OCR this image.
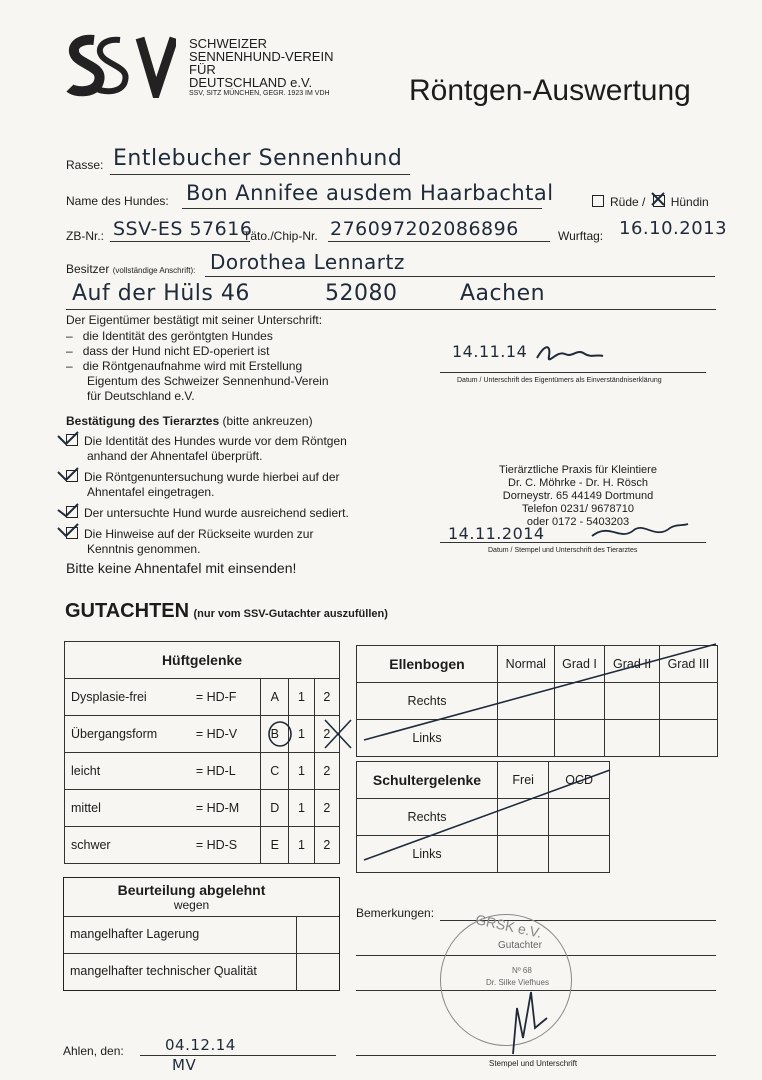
SCHWEIZER
SENNENHUND-VEREIN
FÜR
DEUTSCHLAND e.V.
SSV, SITZ MÜNCHEN, GEGR. 1923 IM VDH	Röntgen-Auswertung
Rasse: Entlebucher Sennenhund
Name des Hundes: Bon Annifee ausdem Haarbachtal	Rüde / Hündin
ZB-Nr.: SSV-ES 57616
Täto./Chip-Nr. 276097202086896	Wurftag: 16.10.2013
Besitzer (vollständige Anschrift): Dorothea Lennartz
Auf der Hüls 46	52080	Aachen
Der Eigentümer bestätigt mit seiner Unterschrift:
–   die Identität des geröntgten Hundes
–   dass der Hund nicht ED-operiert ist
–   die Röntgenaufnahme wird mit Erstellung
Eigentum des Schweizer Sennenhund-Verein
für Deutschland e.V.
14.11.14
Datum / Unterschrift des Eigentümers als Einverständniserklärung
Bestätigung des Tierarztes (bitte ankreuzen)
Die Identität des Hundes wurde vor dem Röntgen
anhand der Ahnentafel überprüft.
Die Röntgenuntersuchung wurde hierbei auf der
Ahnentafel eingetragen.
Der untersuchte Hund wurde ausreichend sediert.
Die Hinweise auf der Rückseite wurden zur
Kenntnis genommen.
Bitte keine Ahnentafel mit einsenden!
Tierärztliche Praxis für Kleintiere
Dr. C. Möhrke - Dr. H. Rösch
Dorneystr. 65 44149 Dortmund
Telefon 0231/ 9678710
oder 0172 - 5403203
14.11.2014
Datum / Stempel und Unterschrift des Tierarztes
GUTACHTEN (nur vom SSV-Gutachter auszufüllen)
Hüftgelenke				
Dysplasie-frei	= HD-F	A	1	2
Übergangsform	= HD-V	B	1	2

leicht	= HD-L	C	1	2
mittel	= HD-M	D	1	2
schwer	= HD-S	E	1	2
Ellenbogen	Normal	Grad I	Grad II	Grad III
Rechts				
Links				
Schultergelenke	Frei	OCD
Rechts		
Links		
Beurteilung abgelehnt
wegen
mangelhafter Lagerung
mangelhafter technischer Qualität
Bemerkungen:	GRSK e.V.
Gutachter
Nº 68
Dr. Silke Viefhues
Stempel und Unterschrift
Ahlen, den:	04.12.14
MV
